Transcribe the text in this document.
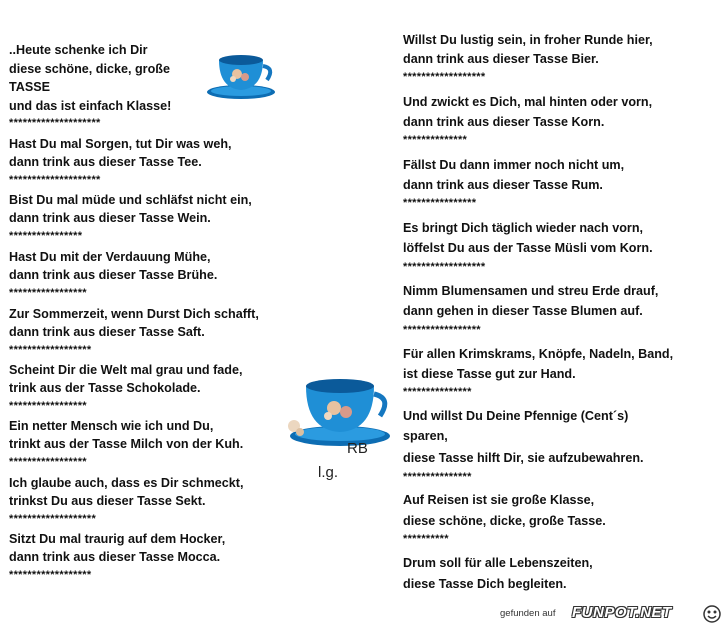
..Heute schenke ich Dir
diese schöne, dicke, große
TASSE
und das ist einfach Klasse!
********************
Hast Du mal Sorgen, tut Dir was weh,
dann trink aus dieser Tasse Tee.
********************
Bist Du mal müde und schläfst nicht ein,
dann trink aus dieser Tasse Wein.
****************
Hast Du mit der Verdauung Mühe,
dann trink aus dieser Tasse Brühe.
*****************
Zur Sommerzeit, wenn Durst Dich schafft,
dann trink aus dieser Tasse Saft.
******************
Scheint Dir die Welt mal grau und fade,
trink aus der Tasse Schokolade.
*****************
Ein netter Mensch wie ich und Du,
trinkt aus der Tasse Milch von der Kuh.
*****************
Ich glaube auch, dass es Dir schmeckt,
trinkst Du aus dieser Tasse Sekt.
*******************
Sitzt Du mal traurig auf dem Hocker,
dann trink aus dieser Tasse Mocca.
******************
Willst Du lustig sein, in froher Runde hier,
dann trink aus dieser Tasse Bier.
******************
Und zwickt es Dich, mal hinten oder vorn,
dann trink aus dieser Tasse Korn.
**************
Fällst Du dann immer noch nicht um,
dann trink aus dieser Tasse Rum.
****************
Es bringt Dich täglich wieder nach vorn,
löffelst Du aus der Tasse Müsli vom Korn.
******************
Nimm Blumensamen und streu Erde drauf,
dann gehen in dieser Tasse Blumen auf.
*****************
Für allen Krimskrams, Knöpfe, Nadeln, Band,
ist diese Tasse gut zur Hand.
***************
Und willst Du Deine Pfennige (Cent´s)
sparen,
diese Tasse hilft Dir, sie aufzubewahren.
***************
Auf Reisen ist sie große Klasse,
diese schöne, dicke, große Tasse.
**********
Drum soll für alle Lebenszeiten,
diese Tasse Dich begleiten.
RB
l.g.
gefunden auf FUNPOT.NET
